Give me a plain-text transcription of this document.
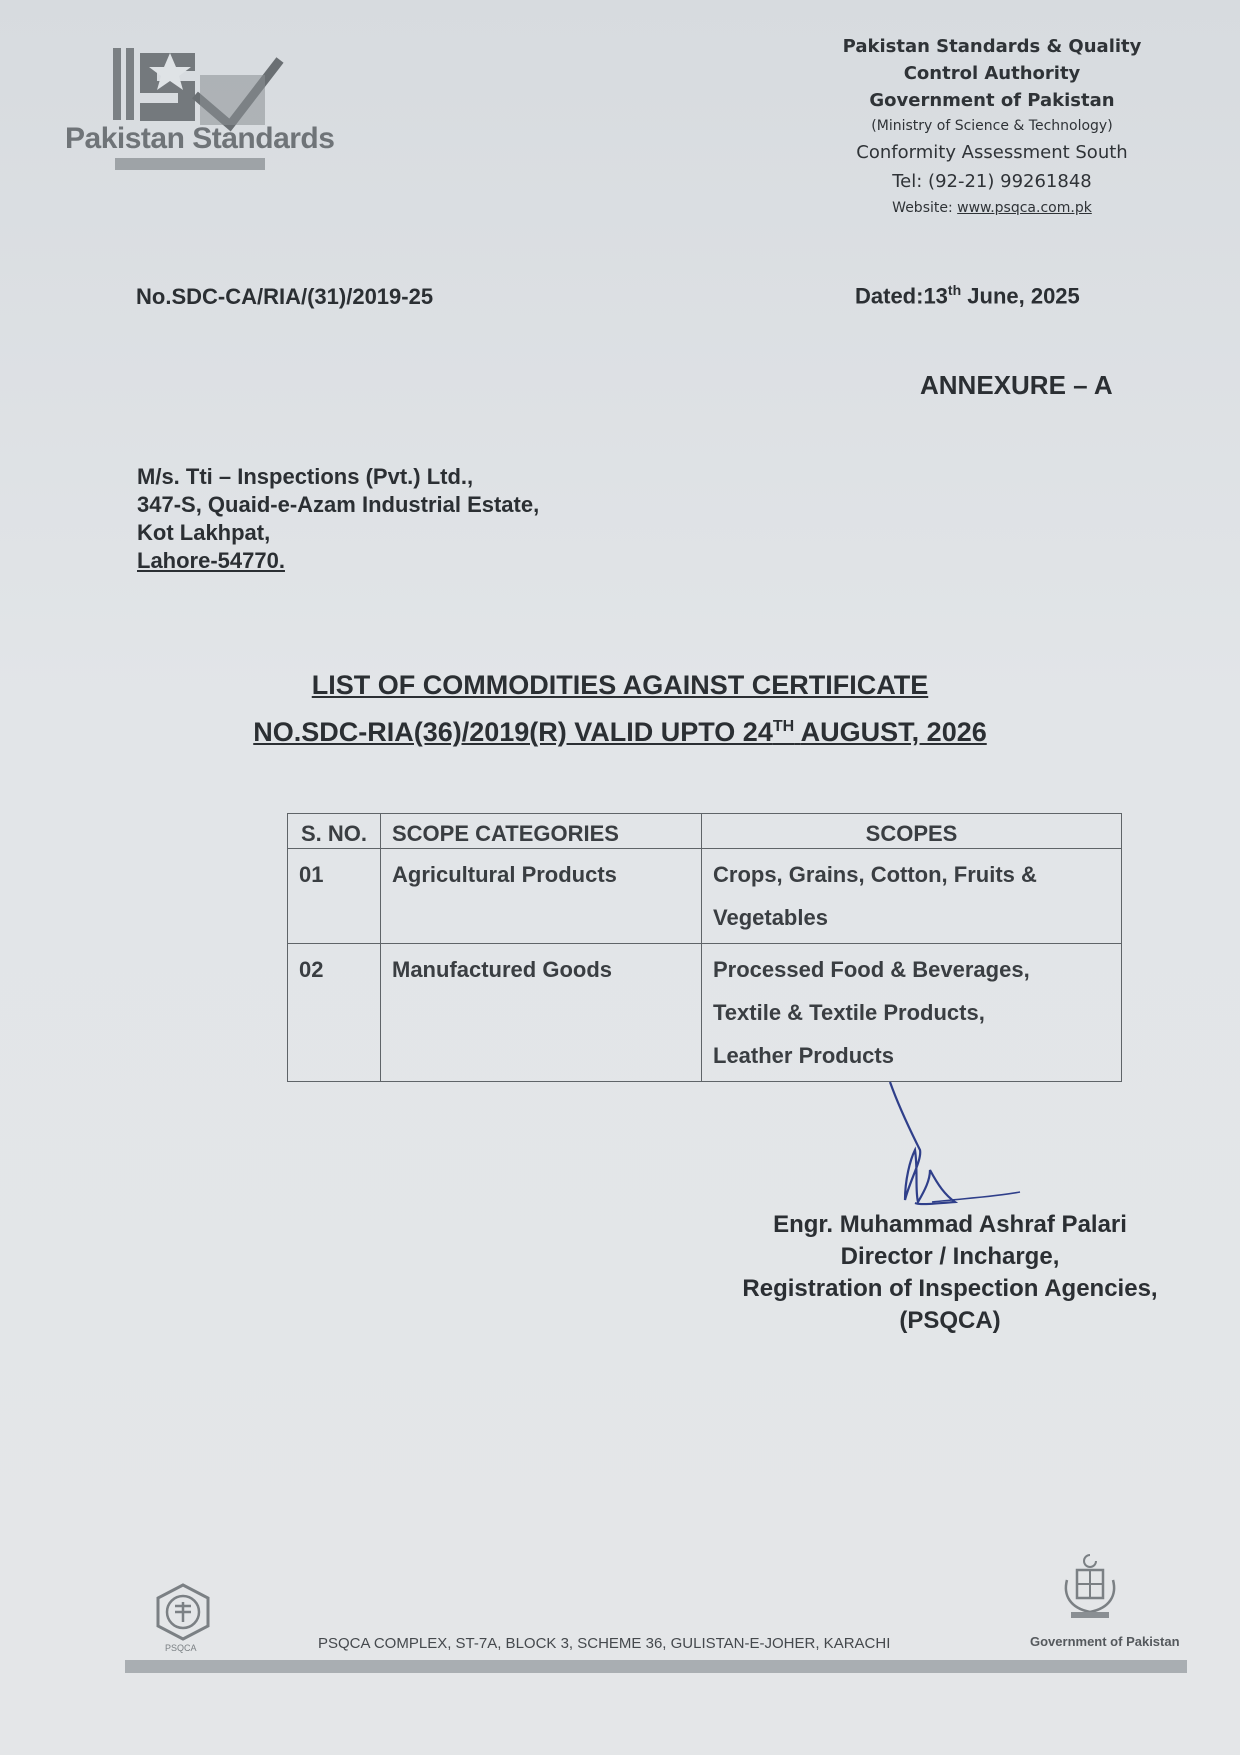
Pakistan Standards
Pakistan Standards & Quality
Control Authority
Government of Pakistan
(Ministry of Science & Technology)
Conformity Assessment South
Tel: (92-21) 99261848
Website: www.psqca.com.pk
No.SDC-CA/RIA/(31)/2019-25	Dated:13th June, 2025
ANNEXURE – A
M/s. Tti – Inspections (Pvt.) Ltd.,
347-S, Quaid-e-Azam Industrial Estate,
Kot Lakhpat,
Lahore-54770.
LIST OF COMMODITIES AGAINST CERTIFICATE
NO.SDC-RIA(36)/2019(R) VALID UPTO 24TH AUGUST, 2026
S. NO.	SCOPE CATEGORIES	SCOPES
01	Agricultural Products	Crops, Grains, Cotton, Fruits &
Vegetables

02	Manufactured Goods	Processed Food & Beverages,
Textile & Textile Products,
Leather Products
Engr. Muhammad Ashraf Palari
Director / Incharge,
Registration of Inspection Agencies,
(PSQCA)
PSQCA	PSQCA COMPLEX, ST-7A, BLOCK 3, SCHEME 36, GULISTAN-E-JOHER, KARACHI	Government of Pakistan
